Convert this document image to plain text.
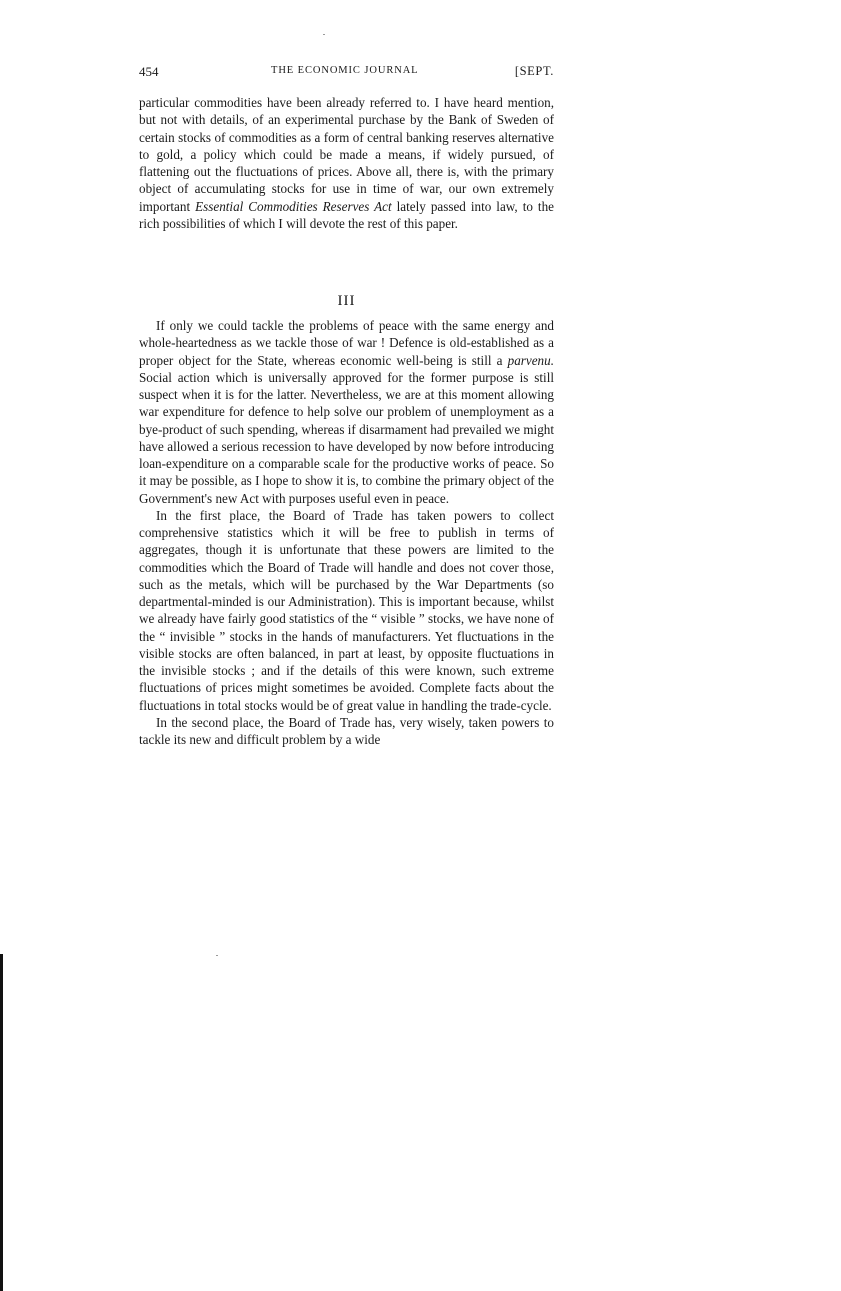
454	THE ECONOMIC JOURNAL	[SEPT.

particular commodities have been already referred to. I have heard mention, but not with details, of an experimental purchase by the Bank of Sweden of certain stocks of commodities as a form of central banking reserves alternative to gold, a policy which could be made a means, if widely pursued, of flattening out the fluctuations of prices. Above all, there is, with the primary object of accumulating stocks for use in time of war, our own extremely important Essential Commodities Reserves Act lately passed into law, to the rich possibilities of which I will devote the rest of this paper.

III

If only we could tackle the problems of peace with the same energy and whole-heartedness as we tackle those of war ! Defence is old-established as a proper object for the State, whereas economic well-being is still a parvenu. Social action which is universally approved for the former purpose is still suspect when it is for the latter. Nevertheless, we are at this moment allowing war expenditure for defence to help solve our problem of unemployment as a bye-product of such spending, whereas if disarmament had prevailed we might have allowed a serious recession to have developed by now before introducing loan-expenditure on a comparable scale for the productive works of peace. So it may be possible, as I hope to show it is, to combine the primary object of the Government's new Act with purposes useful even in peace.

In the first place, the Board of Trade has taken powers to collect comprehensive statistics which it will be free to publish in terms of aggregates, though it is unfortunate that these powers are limited to the commodities which the Board of Trade will handle and does not cover those, such as the metals, which will be purchased by the War Departments (so departmental-minded is our Administration). This is important because, whilst we already have fairly good statistics of the “ visible ” stocks, we have none of the “ invisible ” stocks in the hands of manufacturers. Yet fluctuations in the visible stocks are often balanced, in part at least, by opposite fluctuations in the invisible stocks ; and if the details of this were known, such extreme fluctuations of prices might sometimes be avoided. Complete facts about the fluctuations in total stocks would be of great value in handling the trade-cycle.

In the second place, the Board of Trade has, very wisely, taken powers to tackle its new and difficult problem by a wide
